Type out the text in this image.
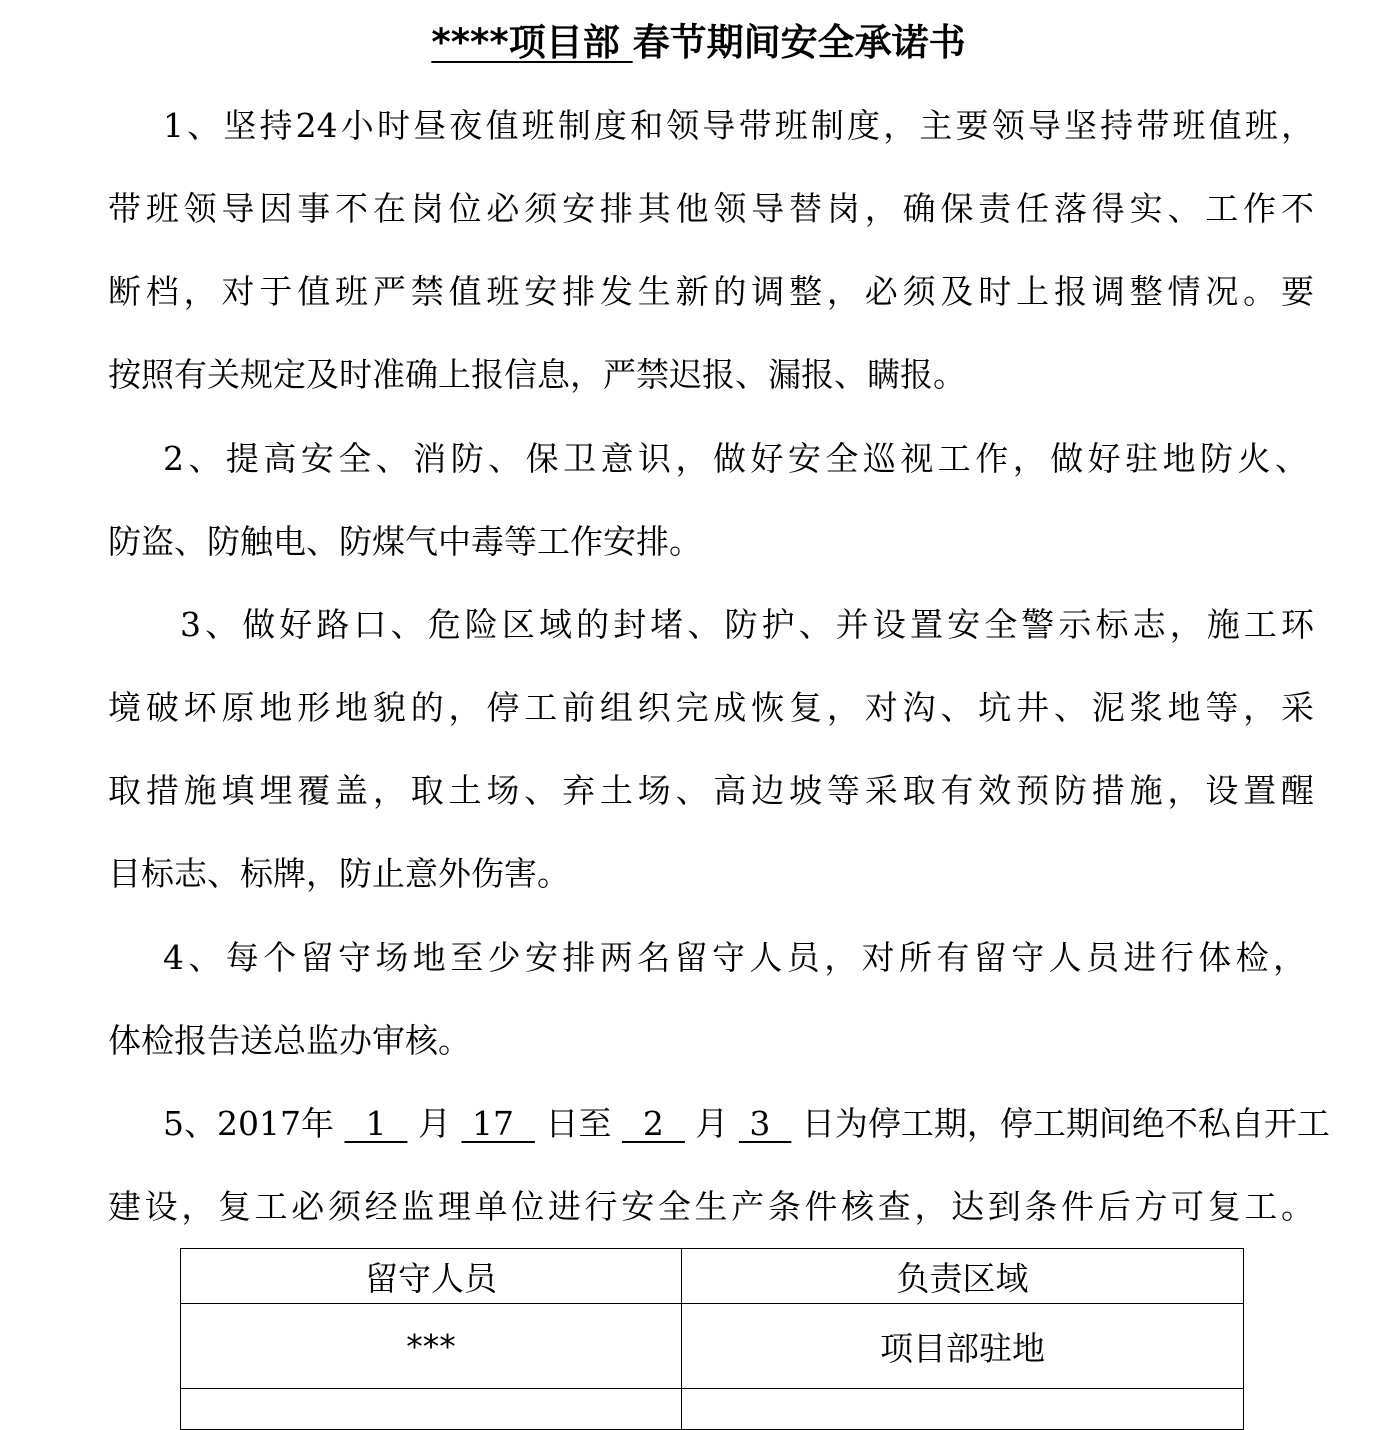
****项目部 春节期间安全承诺书
1、坚持24小时昼夜值班制度和领导带班制度，主要领导坚持带班值班，
带班领导因事不在岗位必须安排其他领导替岗，确保责任落得实、工作不
断档，对于值班严禁值班安排发生新的调整，必须及时上报调整情况。要
按照有关规定及时准确上报信息，严禁迟报、漏报、瞒报。
2、提高安全、消防、保卫意识，做好安全巡视工作，做好驻地防火、
防盗、防触电、防煤气中毒等工作安排。
3、做好路口、危险区域的封堵、防护、并设置安全警示标志，施工环
境破坏原地形地貌的，停工前组织完成恢复，对沟、坑井、泥浆地等，采
取措施填埋覆盖，取土场、弃土场、高边坡等采取有效预防措施，设置醒
目标志、标牌，防止意外伤害。
4、每个留守场地至少安排两名留守人员，对所有留守人员进行体检，
体检报告送总监办审核。
5、2017年 1 月 17 日至 2 月 3 日为停工期，停工期间绝不私自开工
建设，复工必须经监理单位进行安全生产条件核查，达到条件后方可复工。
留守人员	负责区域
***	项目部驻地
